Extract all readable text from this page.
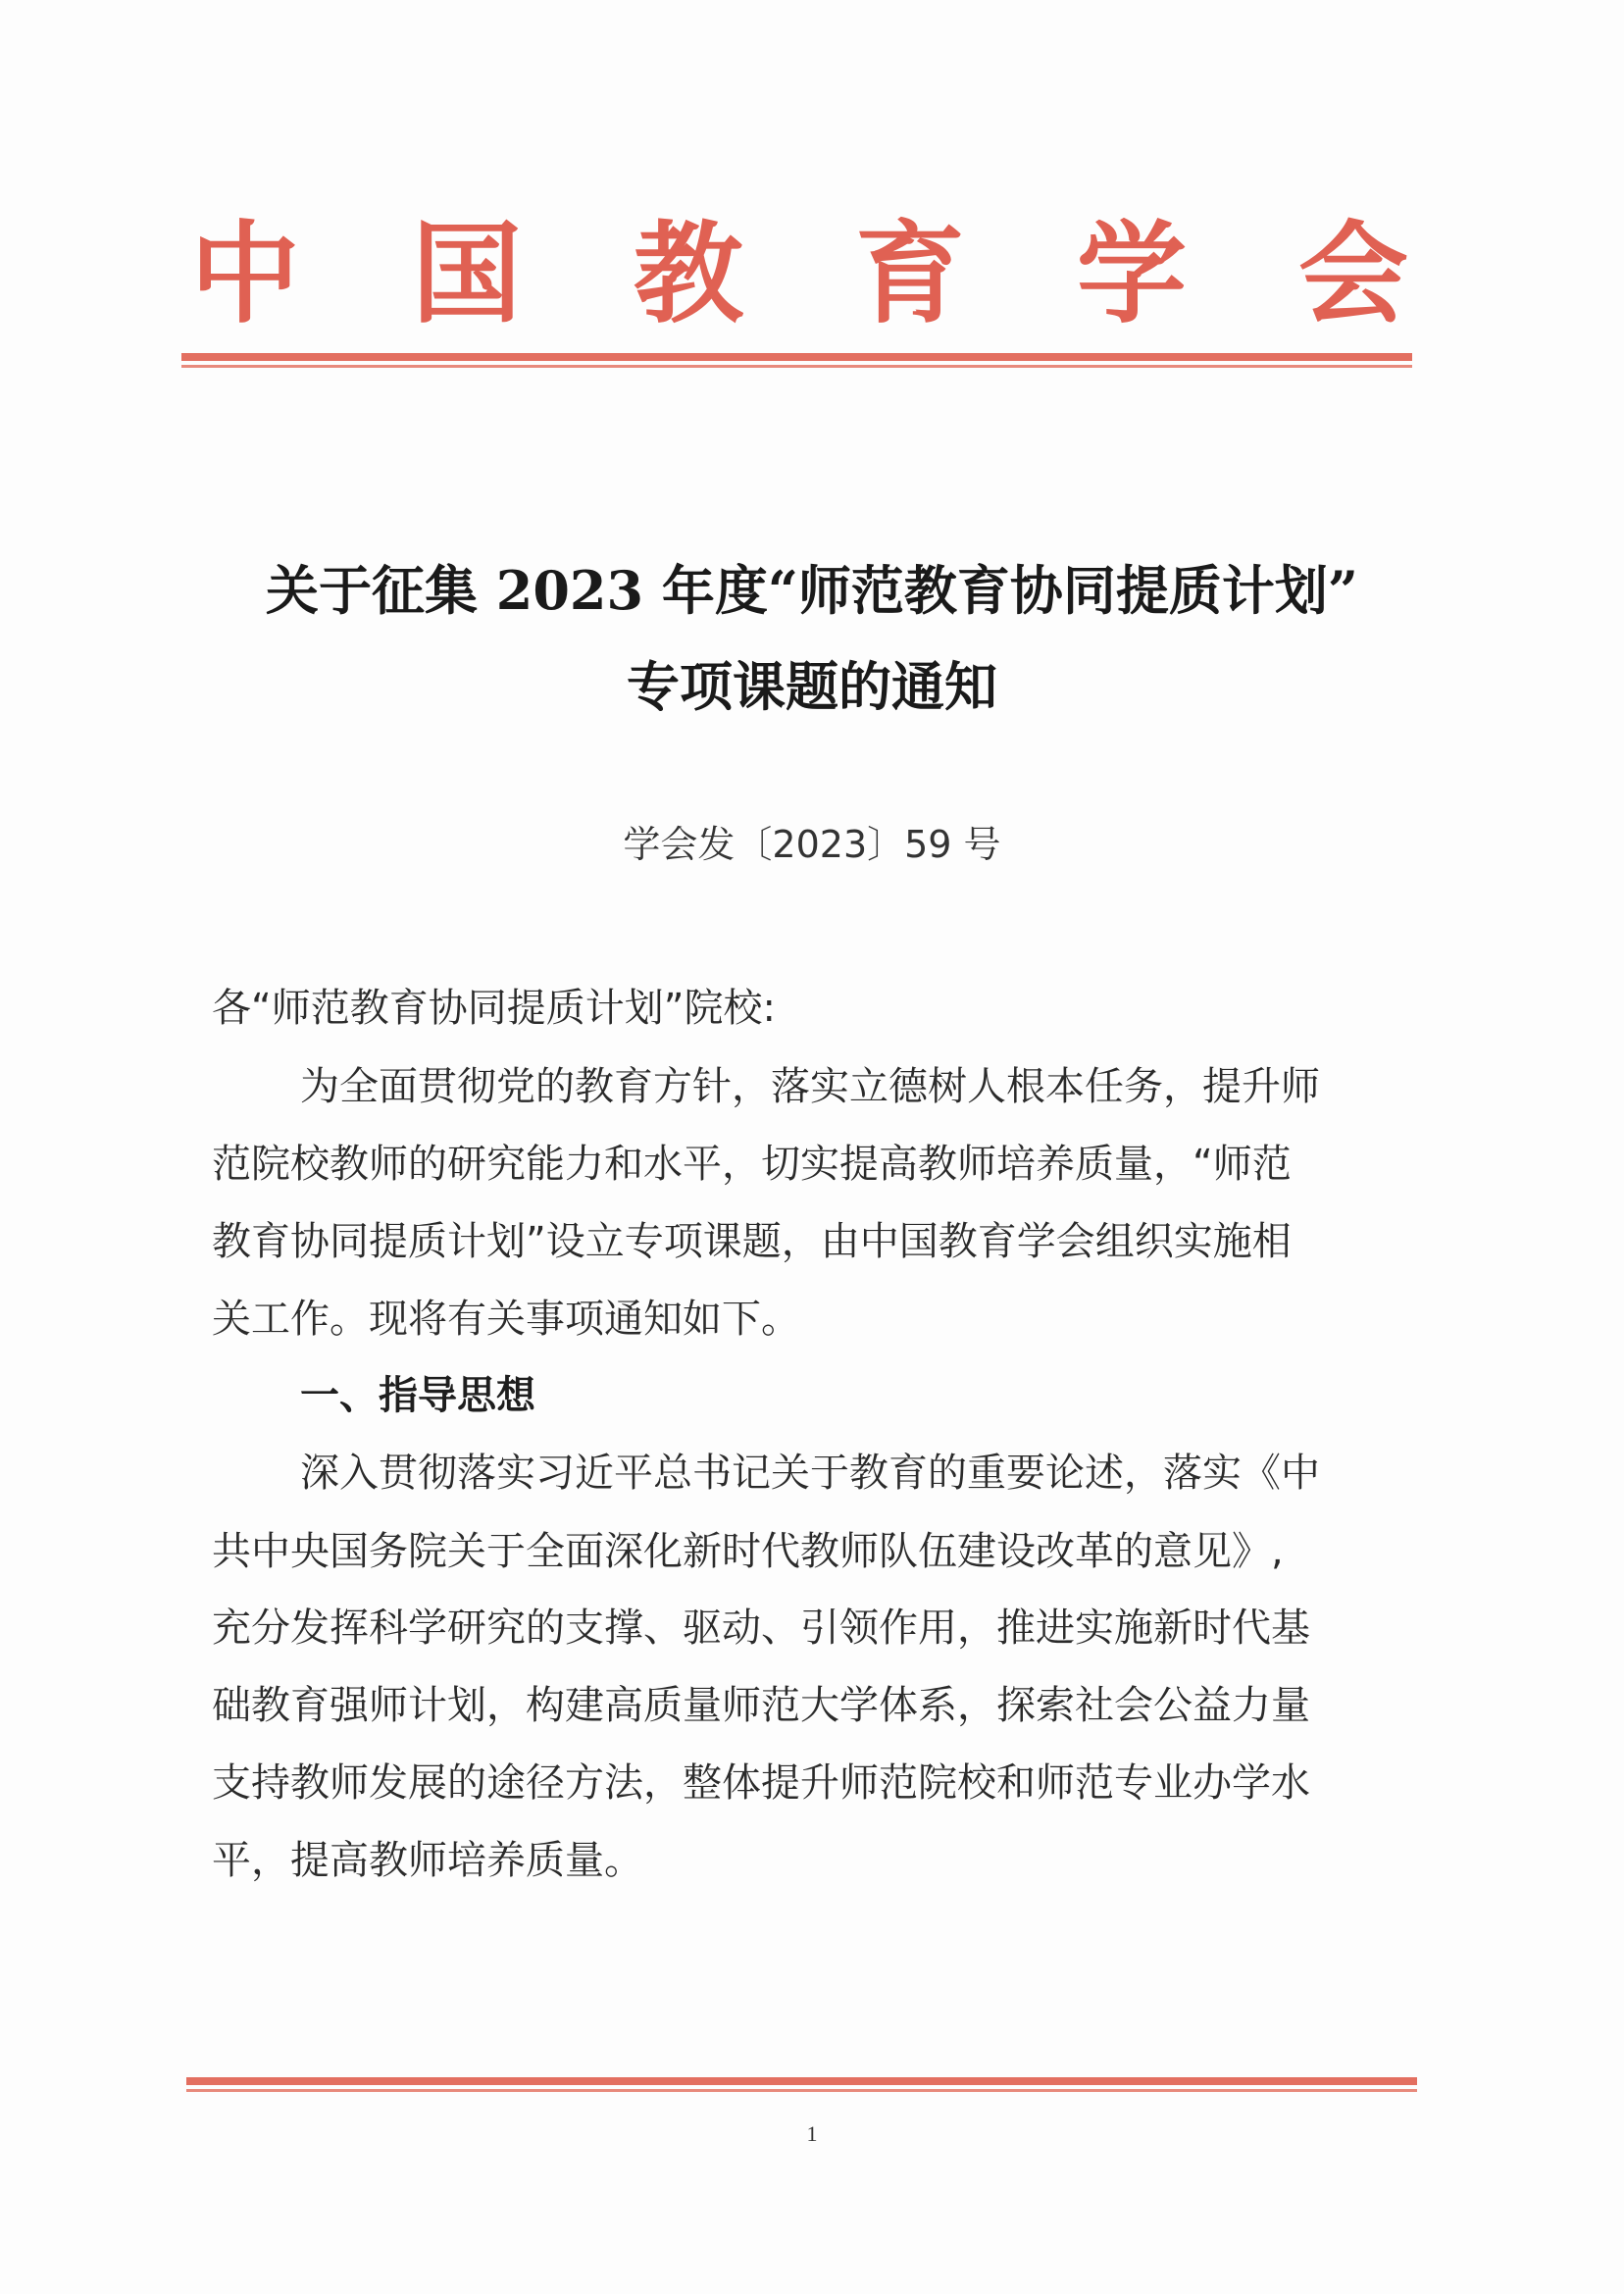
中 国 教 育 学 会
关于征集 2023 年度“师范教育协同提质计划”
专项课题的通知
学会发〔2023〕59 号
各“师范教育协同提质计划”院校:
为全面贯彻党的教育方针，落实立德树人根本任务，提升师
范院校教师的研究能力和水平，切实提高教师培养质量，“师范
教育协同提质计划”设立专项课题，由中国教育学会组织实施相
关工作。现将有关事项通知如下。
一、指导思想
深入贯彻落实习近平总书记关于教育的重要论述，落实《中
共中央国务院关于全面深化新时代教师队伍建设改革的意见》,
充分发挥科学研究的支撑、驱动、引领作用，推进实施新时代基
础教育强师计划，构建高质量师范大学体系，探索社会公益力量
支持教师发展的途径方法，整体提升师范院校和师范专业办学水
平，提高教师培养质量。
1
